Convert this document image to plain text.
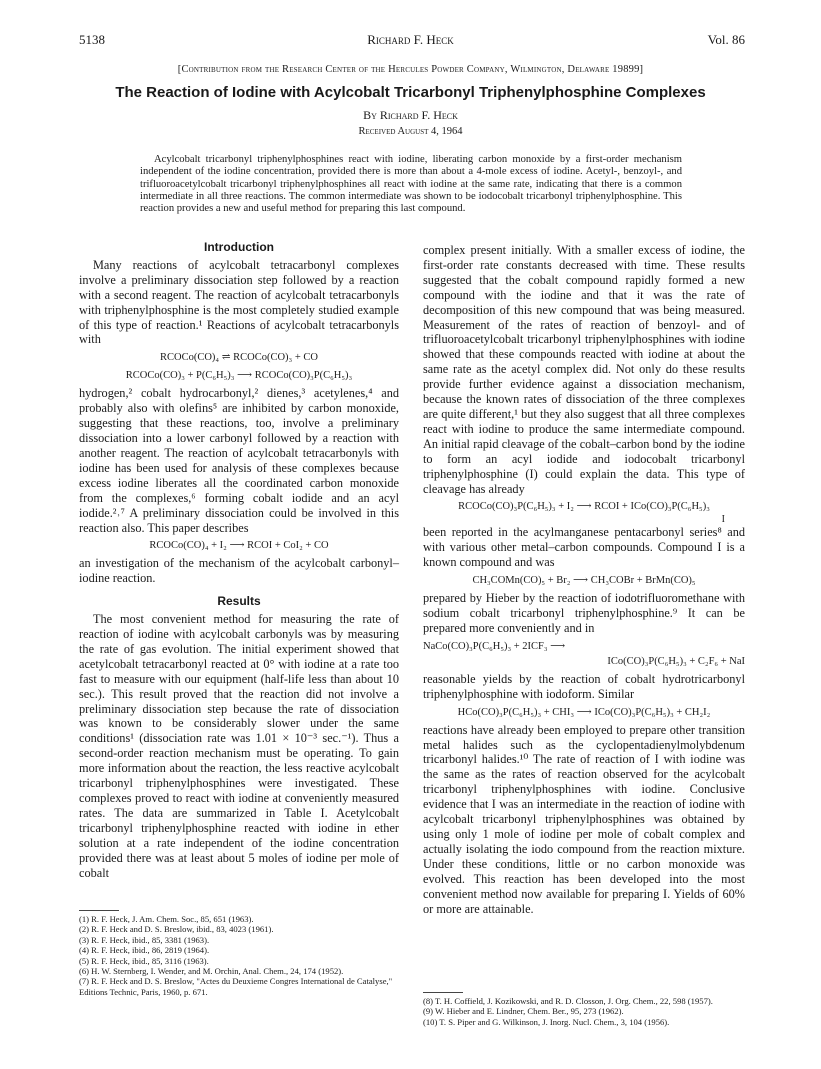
5138	Richard F. Heck	Vol. 86
[Contribution from the Research Center of the Hercules Powder Company, Wilmington, Delaware 19899]
The Reaction of Iodine with Acylcobalt Tricarbonyl Triphenylphosphine Complexes
By Richard F. Heck
Received August 4, 1964
Acylcobalt tricarbonyl triphenylphosphines react with iodine, liberating carbon monoxide by a first-order mechanism independent of the iodine concentration, provided there is more than about a 4-mole excess of iodine. Acetyl-, benzoyl-, and trifluoroacetylcobalt tricarbonyl triphenylphosphines all react with iodine at the same rate, indicating that there is a common intermediate in all three reactions. The common intermediate was shown to be iodocobalt tricarbonyl triphenylphosphine. This reaction provides a new and useful method for preparing this last compound.
Introduction

Many reactions of acylcobalt tetracarbonyl complexes involve a preliminary dissociation step followed by a reaction with a second reagent. The reaction of acylcobalt tetracarbonyls with triphenylphosphine is the most completely studied example of this type of reaction.¹ Reactions of acylcobalt tetracarbonyls with

RCOCo(CO)₄ ⇌ RCOCo(CO)₃ + CO
RCOCo(CO)₃ + P(C₆H₅)₃ ⟶ RCOCo(CO)₃P(C₆H₅)₃

hydrogen,² cobalt hydrocarbonyl,² dienes,³ acetylenes,⁴ and probably also with olefins⁵ are inhibited by carbon monoxide, suggesting that these reactions, too, involve a preliminary dissociation into a lower carbonyl followed by a reaction with another reagent. The reaction of acylcobalt tetracarbonyls with iodine has been used for analysis of these complexes because excess iodine liberates all the coordinated carbon monoxide from the complexes,⁶ forming cobalt iodide and an acyl iodide.²˒⁷ A preliminary dissociation could be involved in this reaction also. This paper describes

RCOCo(CO)₄ + I₂ ⟶ RCOI + CoI₂ + CO

an investigation of the mechanism of the acylcobalt carbonyl–iodine reaction.

Results

The most convenient method for measuring the rate of reaction of iodine with acylcobalt carbonyls was by measuring the rate of gas evolution. The initial experiment showed that acetylcobalt tetracarbonyl reacted at 0° with iodine at a rate too fast to measure with our equipment (half-life less than about 10 sec.). This result proved that the reaction did not involve a preliminary dissociation step because the rate of dissociation was known to be considerably slower under the same conditions¹ (dissociation rate was 1.01 × 10⁻³ sec.⁻¹). Thus a second-order reaction mechanism must be operating. To gain more information about the reaction, the less reactive acylcobalt tricarbonyl triphenylphosphines were investigated. These complexes proved to react with iodine at conveniently measured rates. The data are summarized in Table I. Acetylcobalt tricarbonyl triphenylphosphine reacted with iodine in ether solution at a rate independent of the iodine concentration provided there was at least about 5 moles of iodine per mole of cobalt

(1) R. F. Heck, J. Am. Chem. Soc., 85, 651 (1963).
(2) R. F. Heck and D. S. Breslow, ibid., 83, 4023 (1961).
(3) R. F. Heck, ibid., 85, 3381 (1963).
(4) R. F. Heck, ibid., 86, 2819 (1964).
(5) R. F. Heck, ibid., 85, 3116 (1963).
(6) H. W. Sternberg, I. Wender, and M. Orchin, Anal. Chem., 24, 174 (1952).
(7) R. F. Heck and D. S. Breslow, "Actes du Deuxieme Congres International de Catalyse," Editions Technic, Paris, 1960, p. 671.

complex present initially. With a smaller excess of iodine, the first-order rate constants decreased with time. These results suggested that the cobalt compound rapidly formed a new compound with the iodine and that it was the rate of decomposition of this new compound that was being measured. Measurement of the rates of reaction of benzoyl- and of trifluoroacetylcobalt tricarbonyl triphenylphosphines with iodine showed that these compounds reacted with iodine at about the same rate as the acetyl complex did. Not only do these results provide further evidence against a dissociation mechanism, because the known rates of dissociation of the three complexes are quite different,¹ but they also suggest that all three complexes react with iodine to produce the same intermediate compound. An initial rapid cleavage of the cobalt–carbon bond by the iodine to form an acyl iodide and iodocobalt tricarbonyl triphenylphosphine (I) could explain the data. This type of cleavage has already

RCOCo(CO)₃P(C₆H₅)₃ + I₂ ⟶ RCOI + ICo(CO)₃P(C₆H₅)₃
I

been reported in the acylmanganese pentacarbonyl series⁸ and with various other metal–carbon compounds. Compound I is a known compound and was

CH₃COMn(CO)₅ + Br₂ ⟶ CH₃COBr + BrMn(CO)₅

prepared by Hieber by the reaction of iodotrifluoromethane with sodium cobalt tricarbonyl triphenylphosphine.⁹ It can be prepared more conveniently and in

NaCo(CO)₃P(C₆H₅)₃ + 2ICF₃ ⟶
ICo(CO)₃P(C₆H₅)₃ + C₂F₆ + NaI

reasonable yields by the reaction of cobalt hydrotricarbonyl triphenylphosphine with iodoform. Similar

HCo(CO)₃P(C₆H₅)₃ + CHI₃ ⟶ ICo(CO)₃P(C₆H₅)₃ + CH₂I₂

reactions have already been employed to prepare other transition metal halides such as the cyclopentadienylmolybdenum tricarbonyl halides.¹⁰ The rate of reaction of I with iodine was the same as the rates of reaction observed for the acylcobalt tricarbonyl triphenylphosphines with iodine. Conclusive evidence that I was an intermediate in the reaction of iodine with acylcobalt tricarbonyl triphenylphosphines was obtained by using only 1 mole of iodine per mole of cobalt complex and actually isolating the iodo compound from the reaction mixture. Under these conditions, little or no carbon monoxide was evolved. This reaction has been developed into the most convenient method now available for preparing I. Yields of 60% or more are attainable.

(8) T. H. Coffield, J. Kozikowski, and R. D. Closson, J. Org. Chem., 22, 598 (1957).
(9) W. Hieber and E. Lindner, Chem. Ber., 95, 273 (1962).
(10) T. S. Piper and G. Wilkinson, J. Inorg. Nucl. Chem., 3, 104 (1956).
